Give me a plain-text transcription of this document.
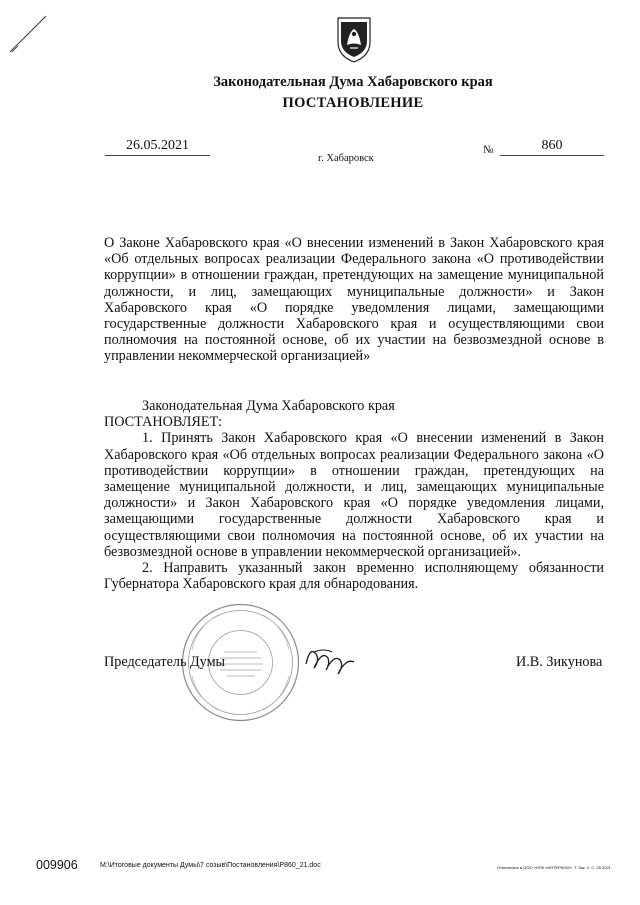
Законодательная Дума Хабаровского края
ПОСТАНОВЛЕНИЕ
26.05.2021
г. Хабаровск
№	860
О Законе Хабаровского края «О внесении изменений в Закон Хабаровского края «Об отдельных вопросах реализации Федерального закона «О противодействии коррупции» в отношении граждан, претендующих на замещение муниципальной должности, и лиц, замещающих муниципальные должности» и Закон Хабаровского края «О порядке уведомления лицами, замещающими государственные должности Хабаровского края и осуществляющими свои полномочия на постоянной основе, об их участии на безвозмездной основе в управлении некоммерческой организацией»
Законодательная Дума Хабаровского края
ПОСТАНОВЛЯЕТ:

1. Принять Закон Хабаровского края «О внесении изменений в Закон Хабаровского края «Об отдельных вопросах реализации Федерального закона «О противодействии коррупции» в отношении граждан, претендующих на замещение муниципальной должности, и лиц, замещающих муниципальные должности» и Закон Хабаровского края «О порядке уведомления лицами, замещающими государственные должности Хабаровского края и осуществляющими свои полномочия на постоянной основе, об их участии на безвозмездной основе в управлении некоммерческой организацией».

2. Направить указанный закон временно исполняющему обязанности Губернатора Хабаровского края для обнародования.

Председатель Думы	И.В. Зикунова
009906	M:\Итоговые документы Думы\7 созыв\Постановления\P860_21.doc	Отпечатано в ООО «НПК «ИНТЕРКОМ». Т. Зак. 2. С. 05.2021.
